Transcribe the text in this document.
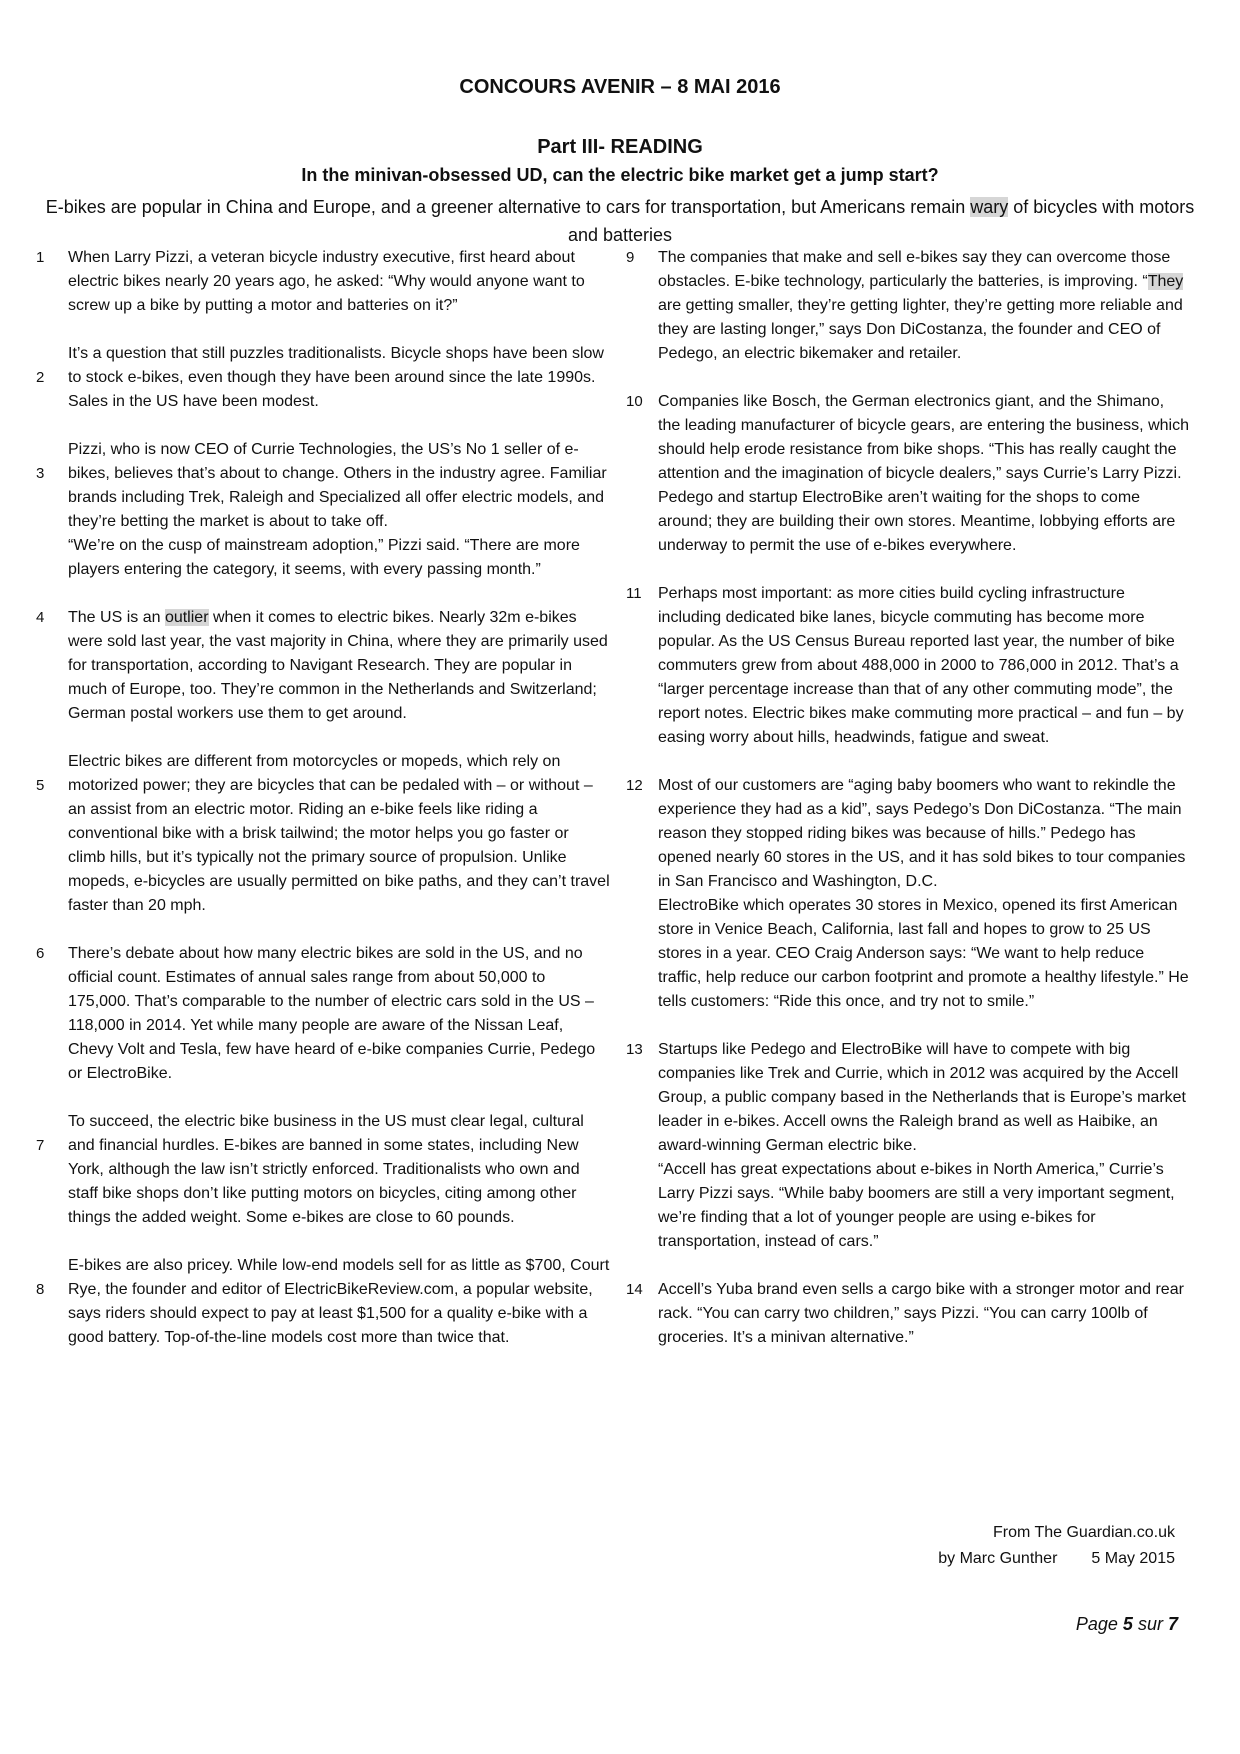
CONCOURS AVENIR – 8 MAI 2016
Part III- READING
In the minivan-obsessed UD, can the electric bike market get a jump start?
E-bikes are popular in China and Europe, and a greener alternative to cars for transportation, but Americans remain wary of bicycles with motors and batteries
1 When Larry Pizzi, a veteran bicycle industry executive, first heard about electric bikes nearly 20 years ago, he asked: “Why would anyone want to screw up a bike by putting a motor and batteries on it?”

2

It’s a question that still puzzles traditionalists. Bicycle shops have been slow to stock e-bikes, even though they have been around since the late 1990s. Sales in the US have been modest.

3

Pizzi, who is now CEO of Currie Technologies, the US’s No 1 seller of e-bikes, believes that’s about to change. Others in the industry agree. Familiar brands including Trek, Raleigh and Specialized all offer electric models, and they’re betting the market is about to take off.

“We’re on the cusp of mainstream adoption,” Pizzi said. “There are more players entering the category, it seems, with every passing month.”

4 The US is an outlier when it comes to electric bikes. Nearly 32m e-bikes were sold last year, the vast majority in China, where they are primarily used for transportation, according to Navigant Research. They are popular in much of Europe, too. They’re common in the Netherlands and Switzerland; German postal workers use them to get around.

5

Electric bikes are different from motorcycles or mopeds, which rely on motorized power; they are bicycles that can be pedaled with – or without – an assist from an electric motor. Riding an e-bike feels like riding a conventional bike with a brisk tailwind; the motor helps you go faster or climb hills, but it’s typically not the primary source of propulsion. Unlike mopeds, e-bicycles are usually permitted on bike paths, and they can’t travel faster than 20 mph.

6 There’s debate about how many electric bikes are sold in the US, and no official count. Estimates of annual sales range from about 50,000 to 175,000. That’s comparable to the number of electric cars sold in the US – 118,000 in 2014. Yet while many people are aware of the Nissan Leaf, Chevy Volt and Tesla, few have heard of e-bike companies Currie, Pedego or ElectroBike.

7

To succeed, the electric bike business in the US must clear legal, cultural and financial hurdles. E-bikes are banned in some states, including New York, although the law isn’t strictly enforced. Traditionalists who own and staff bike shops don’t like putting motors on bicycles, citing among other things the added weight. Some e-bikes are close to 60 pounds.

8

E-bikes are also pricey. While low-end models sell for as little as $700, Court Rye, the founder and editor of ElectricBikeReview.com, a popular website, says riders should expect to pay at least $1,500 for a quality e-bike with a good battery. Top-of-the-line models cost more than twice that.

9 The companies that make and sell e-bikes say they can overcome those obstacles. E-bike technology, particularly the batteries, is improving. “They are getting smaller, they’re getting lighter, they’re getting more reliable and they are lasting longer,” says Don DiCostanza, the founder and CEO of Pedego, an electric bikemaker and retailer.

10 Companies like Bosch, the German electronics giant, and the Shimano, the leading manufacturer of bicycle gears, are entering the business, which should help erode resistance from bike shops. “This has really caught the attention and the imagination of bicycle dealers,” says Currie’s Larry Pizzi. Pedego and startup ElectroBike aren’t waiting for the shops to come around; they are building their own stores. Meantime, lobbying efforts are underway to permit the use of e-bikes everywhere.

11 Perhaps most important: as more cities build cycling infrastructure including dedicated bike lanes, bicycle commuting has become more popular. As the US Census Bureau reported last year, the number of bike commuters grew from about 488,000 in 2000 to 786,000 in 2012. That’s a “larger percentage increase than that of any other commuting mode”, the report notes. Electric bikes make commuting more practical – and fun – by easing worry about hills, headwinds, fatigue and sweat.

12 Most of our customers are “aging baby boomers who want to rekindle the experience they had as a kid”, says Pedego’s Don DiCostanza. “The main reason they stopped riding bikes was because of hills.” Pedego has opened nearly 60 stores in the US, and it has sold bikes to tour companies in San Francisco and Washington, D.C.

ElectroBike which operates 30 stores in Mexico, opened its first American store in Venice Beach, California, last fall and hopes to grow to 25 US stores in a year. CEO Craig Anderson says: “We want to help reduce traffic, help reduce our carbon footprint and promote a healthy lifestyle.” He tells customers: “Ride this once, and try not to smile.”

13 Startups like Pedego and ElectroBike will have to compete with big companies like Trek and Currie, which in 2012 was acquired by the Accell Group, a public company based in the Netherlands that is Europe’s market leader in e-bikes. Accell owns the Raleigh brand as well as Haibike, an award-winning German electric bike.

“Accell has great expectations about e-bikes in North America,” Currie’s Larry Pizzi says. “While baby boomers are still a very important segment, we’re finding that a lot of younger people are using e-bikes for transportation, instead of cars.”

14 Accell’s Yuba brand even sells a cargo bike with a stronger motor and rear rack. “You can carry two children,” says Pizzi. “You can carry 100lb of groceries. It’s a minivan alternative.”

From The Guardian.co.uk
by Marc Gunther 5 May 2015
Page 5 sur 7
